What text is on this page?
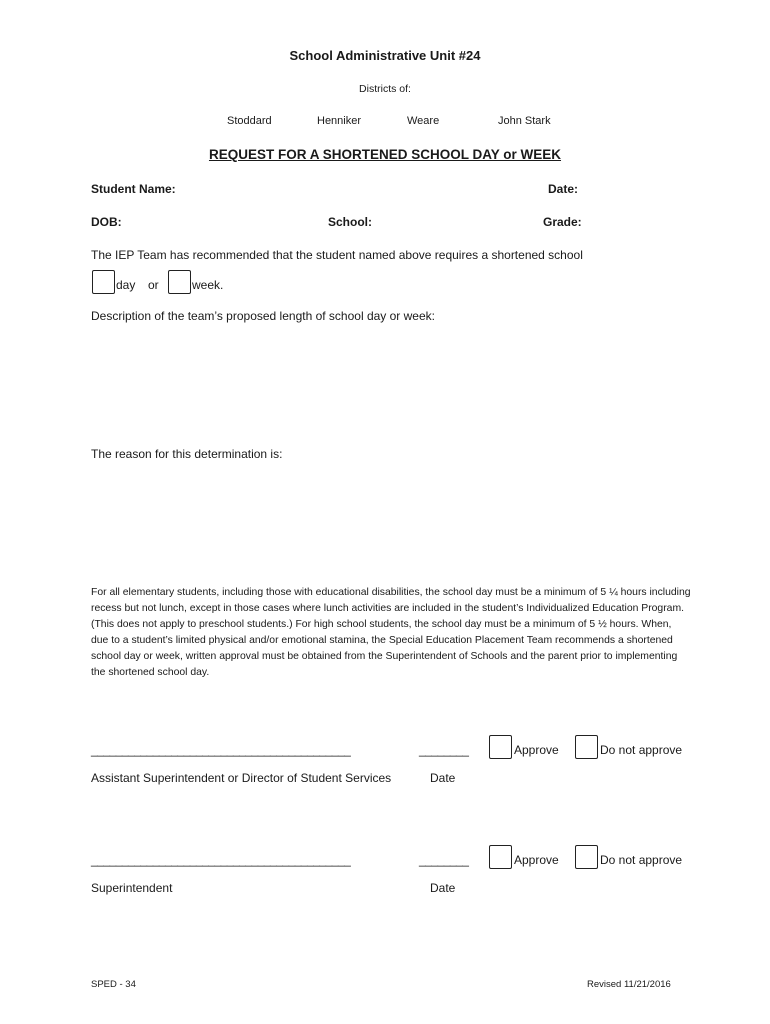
School Administrative Unit #24
Districts of:
Stoddard	Henniker	Weare	John Stark
REQUEST FOR A SHORTENED SCHOOL DAY or WEEK
Student Name:	Date:
DOB:	School:	Grade:
The IEP Team has recommended that the student named above requires a shortened school
day or	week.
Description of the team’s proposed length of school day or week:
The reason for this determination is:
For all elementary students, including those with educational disabilities, the school day must be a minimum of 5 ¼ hours including recess but not lunch, except in those cases where lunch activities are included in the student’s Individualized Education Program. (This does not apply to preschool students.) For high school students, the school day must be a minimum of 5 ½ hours. When, due to a student’s limited physical and/or emotional stamina, the Special Education Placement Team recommends a shortened school day or week, written approval must be obtained from the Superintendent of Schools and the parent prior to implementing the shortened school day.
__________________________________________	________	Approve	Do not approve
Assistant Superintendent or Director of Student Services	Date
__________________________________________	________	Approve	Do not approve
Superintendent	Date
SPED - 34	Revised 11/21/2016
